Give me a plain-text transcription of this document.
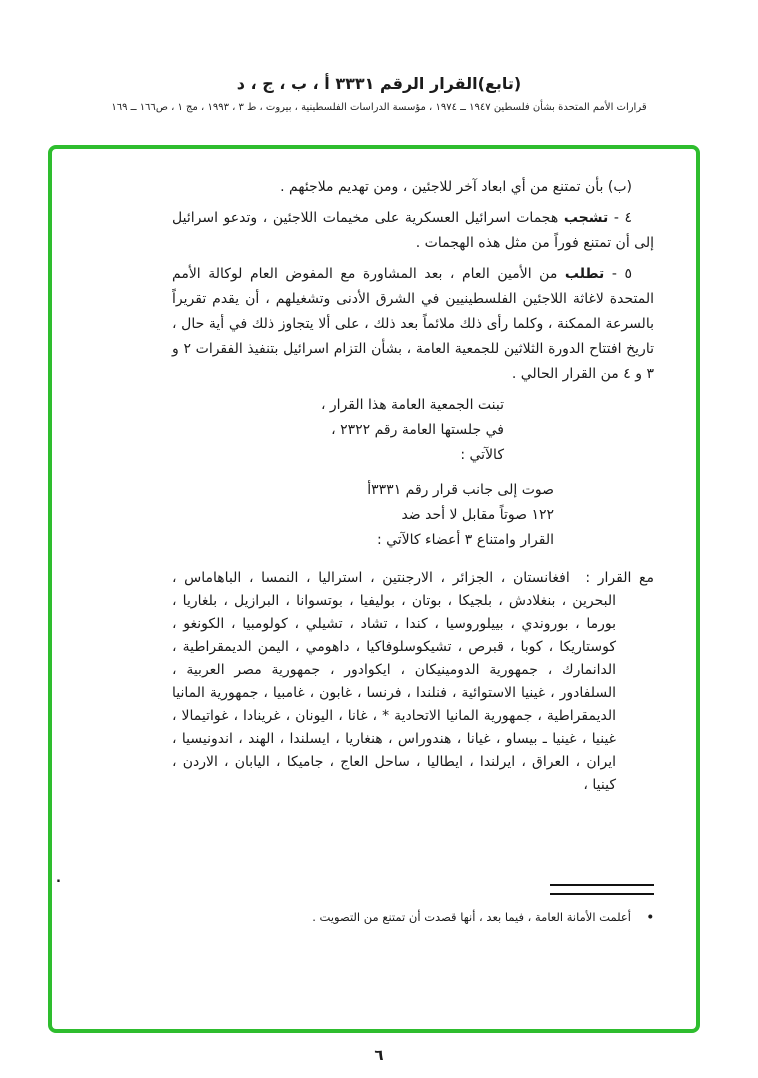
(تابع)القرار الرقم ٣٣٣١ أ ، ب ، ج ، د
قرارات الأمم المتحدة بشأن فلسطين ١٩٤٧ ــ ١٩٧٤ ، مؤسسة الدراسات الفلسطينية ، بيروت ، ط ٣ ، ١٩٩٣ ، مج ١ ، ص١٦٦ ــ ١٦٩

(ب) بأن تمتنع من أي ابعاد آخر للاجئين ، ومن تهديم ملاجئهم .

٤ - تشجب هجمات اسرائيل العسكرية على مخيمات اللاجئين ، وتدعو اسرائيل إلى أن تمتنع فوراً من مثل هذه الهجمات .

٥ - تطلب من الأمين العام ، بعد المشاورة مع المفوض العام لوكالة الأمم المتحدة لاغاثة اللاجئين الفلسطينيين في الشرق الأدنى وتشغيلهم ، أن يقدم تقريراً بالسرعة الممكنة ، وكلما رأى ذلك ملائماً بعد ذلك ، على ألا يتجاوز ذلك في أية حال ، تاريخ افتتاح الدورة الثلاثين للجمعية العامة ، بشأن التزام اسرائيل بتنفيذ الفقرات ٢ و ٣ و ٤ من القرار الحالي .

تبنت الجمعية العامة هذا القرار ،
في جلستها العامة رقم ٢٣٢٢ ،
كالآتي :
صوت إلى جانب قرار رقم ٣٣٣١أ
١٢٢ صوتاً مقابل لا أحد ضد
القرار وامتناع ٣ أعضاء كالآتي :

مع القرار : افغانستان ، الجزائر ، الارجنتين ، استراليا ، النمسا ، الباهاماس ، البحرين ، بنغلادش ، بلجيكا ، بوتان ، بوليفيا ، بوتسوانا ، البرازيل ، بلغاريا ، بورما ، بوروندي ، بييلوروسيا ، كندا ، تشاد ، تشيلي ، كولومبيا ، الكونغو ، كوستاريكا ، كوبا ، قبرص ، تشيكوسلوفاكيا ، داهومي ، اليمن الديمقراطية ، الدانمارك ، جمهورية الدومينيكان ، ايكوادور ، جمهورية مصر العربية ، السلفادور ، غينيا الاستوائية ، فنلندا ، فرنسا ، غابون ، غامبيا ، جمهورية المانيا الديمقراطية ، جمهورية المانيا الاتحادية * ، غانا ، اليونان ، غرينادا ، غواتيمالا ، غينيا ، غينيا ـ بيساو ، غيانا ، هندوراس ، هنغاريا ، ايسلندا ، الهند ، اندونيسيا ، ايران ، العراق ، ايرلندا ، ايطاليا ، ساحل العاج ، جاميكا ، اليابان ، الاردن ، كينيا ،

• أعلمت الأمانة العامة ، فيما بعد ، أنها قصدت أن تمتنع من التصويت .
.
٦
